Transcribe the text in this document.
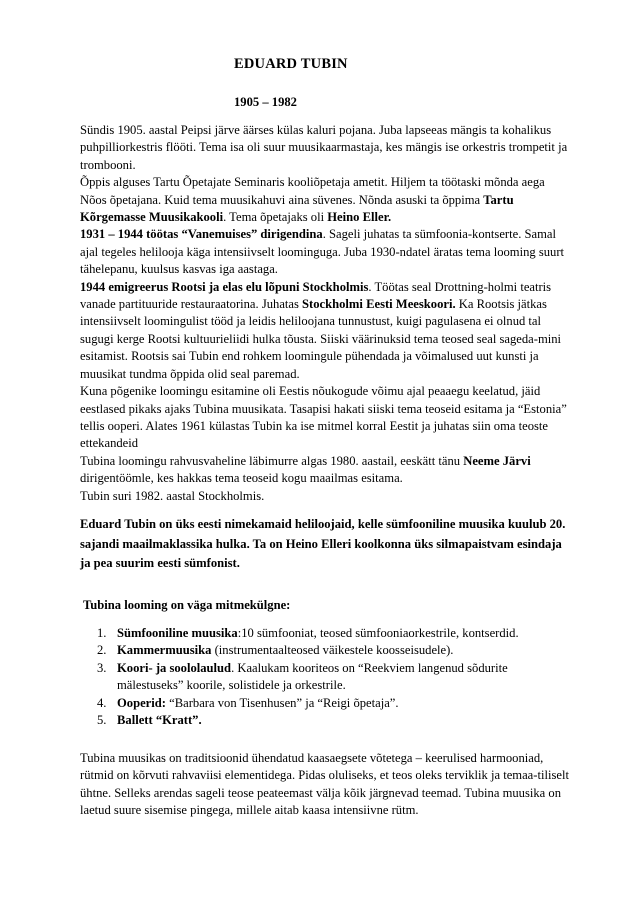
EDUARD TUBIN
1905 – 1982

Sündis 1905. aastal Peipsi järve äärses külas kaluri pojana. Juba lapseeas mängis ta kohalikus puhpilliorkestris flööti. Tema isa oli suur muusikaarmastaja, kes mängis ise orkestris trompetit ja trombooni.

Õppis alguses Tartu Õpetajate Seminaris kooliõpetaja ametit. Hiljem ta töötaski mõnda aega Nõos õpetajana. Kuid tema muusikahuvi aina süvenes. Nõnda asuski ta õppima Tartu Kõrgemasse Muusikakooli. Tema õpetajaks oli Heino Eller.

1931 – 1944 töötas “Vanemuises” dirigendina. Sageli juhatas ta sümfoonia-kontserte. Samal ajal tegeles helilooja käga intensiivselt loominguga. Juba 1930-ndatel äratas tema looming suurt tähelepanu, kuulsus kasvas iga aastaga.

1944 emigreerus Rootsi ja elas elu lõpuni Stockholmis. Töötas seal Drottning-holmi teatris vanade partituuride restauraatorina. Juhatas Stockholmi Eesti Meeskoori. Ka Rootsis jätkas intensiivselt loomingulist tööd ja leidis heliloojana tunnustust, kuigi pagulasena ei olnud tal sugugi kerge Rootsi kultuurieliidi hulka tõusta. Siiski väärinuksid tema teosed seal sageda-mini esitamist. Rootsis sai Tubin end rohkem loomingule pühendada ja võimalused uut kunsti ja muusikat tundma õppida olid seal paremad.

Kuna põgenike loomingu esitamine oli Eestis nõukogude võimu ajal peaaegu keelatud, jäid eestlased pikaks ajaks Tubina muusikata. Tasapisi hakati siiski tema teoseid esitama ja “Estonia” tellis ooperi. Alates 1961 külastas Tubin ka ise mitmel korral Eestit ja juhatas siin oma teoste ettekandeid

Tubina loomingu rahvusvaheline läbimurre algas 1980. aastail, eeskätt tänu Neeme Järvi dirigentöömle, kes hakkas tema teoseid kogu maailmas esitama.

Tubin suri 1982. aastal Stockholmis.

Eduard Tubin on üks eesti nimekamaid heliloojaid, kelle sümfooniline muusika kuulub 20. sajandi maailmaklassika hulka. Ta on Heino Elleri koolkonna üks silmapaistvam esindaja ja pea suurim eesti sümfonist.
Tubina looming on väga mitmekülgne:
1. Sümfooniline muusika:10 sümfooniat, teosed sümfooniaorkestrile, kontserdid.
2. Kammermuusika (instrumentaalteosed väikestele koosseisudele).
3. Koori- ja soololaulud. Kaalukam kooriteos on “Reekviem langenud sõdurite mälestuseks” koorile, solistidele ja orkestrile.
4. Ooperid: “Barbara von Tisenhusen” ja “Reigi õpetaja”.
5. Ballett “Kratt”.
Tubina muusikas on traditsioonid ühendatud kaasaegsete võtetega – keerulised harmooniad, rütmid on kõrvuti rahvaviisi elementidega. Pidas oluliseks, et teos oleks terviklik ja temaa-tiliselt ühtne. Selleks arendas sageli teose peateemast välja kõik järgnevad teemad. Tubina muusika on laetud suure sisemise pingega, millele aitab kaasa intensiivne rütm.
